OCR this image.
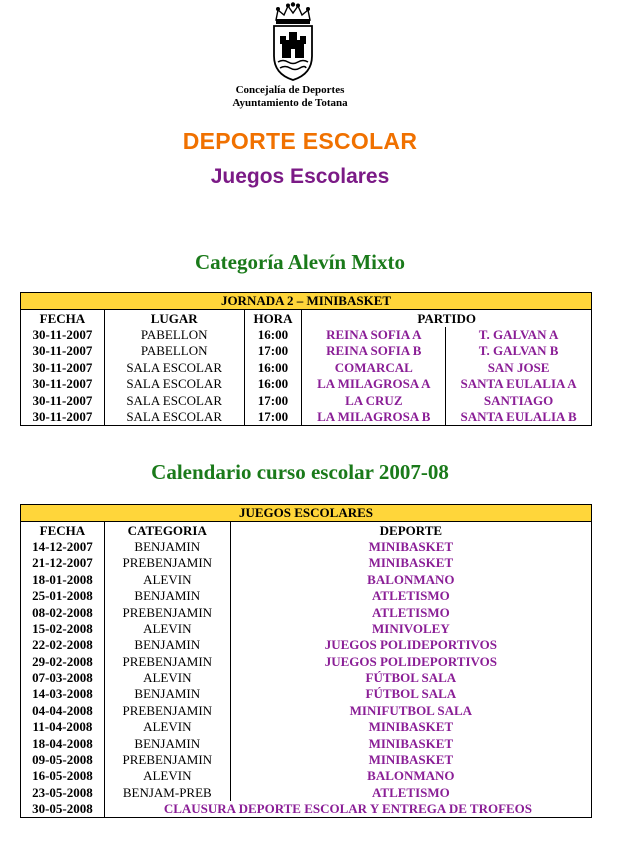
Concejalía de Deportes
Ayuntamiento de Totana
DEPORTE ESCOLAR
Juegos Escolares
Categoría Alevín Mixto
JORNADA 2 – MINIBASKET				
FECHA	LUGAR	HORA	PARTIDO	
30-11-2007	PABELLON	16:00	REINA SOFIA A	T. GALVAN A
30-11-2007	PABELLON	17:00	REINA SOFIA B	T. GALVAN B
30-11-2007	SALA ESCOLAR	16:00	COMARCAL	SAN JOSE
30-11-2007	SALA ESCOLAR	16:00	LA MILAGROSA A	SANTA EULALIA A
30-11-2007	SALA ESCOLAR	17:00	LA CRUZ	SANTIAGO
30-11-2007	SALA ESCOLAR	17:00	LA MILAGROSA B	SANTA EULALIA B
Calendario curso escolar 2007-08
JUEGOS ESCOLARES		
FECHA	CATEGORIA	DEPORTE
14-12-2007	BENJAMIN	MINIBASKET
21-12-2007	PREBENJAMIN	MINIBASKET
18-01-2008	ALEVIN	BALONMANO
25-01-2008	BENJAMIN	ATLETISMO
08-02-2008	PREBENJAMIN	ATLETISMO
15-02-2008	ALEVIN	MINIVOLEY
22-02-2008	BENJAMIN	JUEGOS POLIDEPORTIVOS
29-02-2008	PREBENJAMIN	JUEGOS POLIDEPORTIVOS
07-03-2008	ALEVIN	FÚTBOL SALA
14-03-2008	BENJAMIN	FÚTBOL SALA
04-04-2008	PREBENJAMIN	MINIFUTBOL SALA
11-04-2008	ALEVIN	MINIBASKET
18-04-2008	BENJAMIN	MINIBASKET
09-05-2008	PREBENJAMIN	MINIBASKET
16-05-2008	ALEVIN	BALONMANO
23-05-2008	BENJAM-PREB	ATLETISMO
30-05-2008	CLAUSURA DEPORTE ESCOLAR Y ENTREGA DE TROFEOS	
